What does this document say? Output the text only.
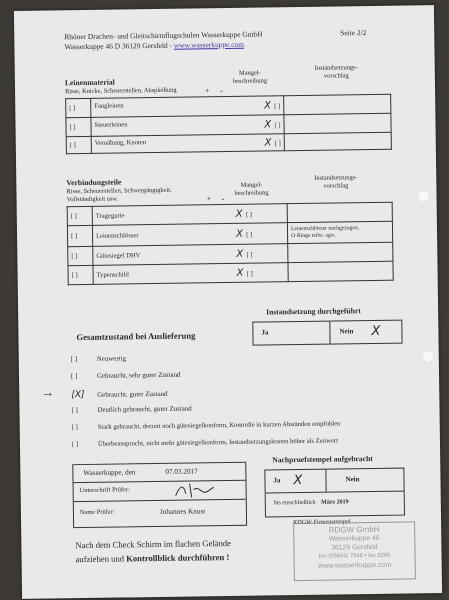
Rhöner Drachen- und Gleitschirmflugschulen Wasserkuppe GmbH
Wasserkuppe 46 D 36129 Gersfeld - www.wasserkuppe.com
Seite 2/2
Leinenmaterial
Risse, Knicke, Scheuerstellen, Abspleißung
Mangel-
beschreibung
Instandsetzungs-
vorschlag
+ -
[ ]	Fangleinen X [ ]	

[ ]	Steuerleinen X [ ]	

[ ]	Vernähung, Knoten X [ ]	

Verbindungsteile
Risse, Scheuerstellen, Schwergängigkeit,
Vollständigkeit usw.
Mangel-
beschreibung
Instandsetzungs-
vorschlag
+ -
[ ]	Tragegurte	X [ ]	
[ ]	Leinenschlösser	X [ ]	Leinenschlösser nachgezogen,
O-Ringe teilw. agw.
[ ]	Gütesiegel DHV	X [ ]	
[ ]	Typenschild	X [ ]	
Instandsetzung durchgeführt
Ja	Nein X
Gesamtzustand bei Auslieferung
→
[ ]	Neuwertig
[ ]	Gebraucht, sehr guter Zustand
[X] Gebraucht, guter Zustand
[ ]	Deutlich gebraucht, guter Zustand
[ ]	Stark gebraucht, derzeit noch gütesiegelkonform, Kontrolle in kurzen Abständen empfohlen
[ ]	Überbeansprucht, nicht mehr gütesiegelkonform, Instandsetzungskosten höher als Zeitwert
Wasserkuppe, den	07.03.2017
Unterschrift Prüfer:
Name Prüfer:	Johannes Knust
Nachpruefstempel aufgebracht
Ja X	Nein
bis einschließlich März 2019
RDGW Firmenstempel
RDGW GmbH
Wasserkuppe 46
36129 Gersfeld
fon (06654) 7548 • fax 8266
www.wasserkuppe.com
Nach dem Check Schirm im flachen Gelände
aufziehen und Kontrollblick durchführen !
